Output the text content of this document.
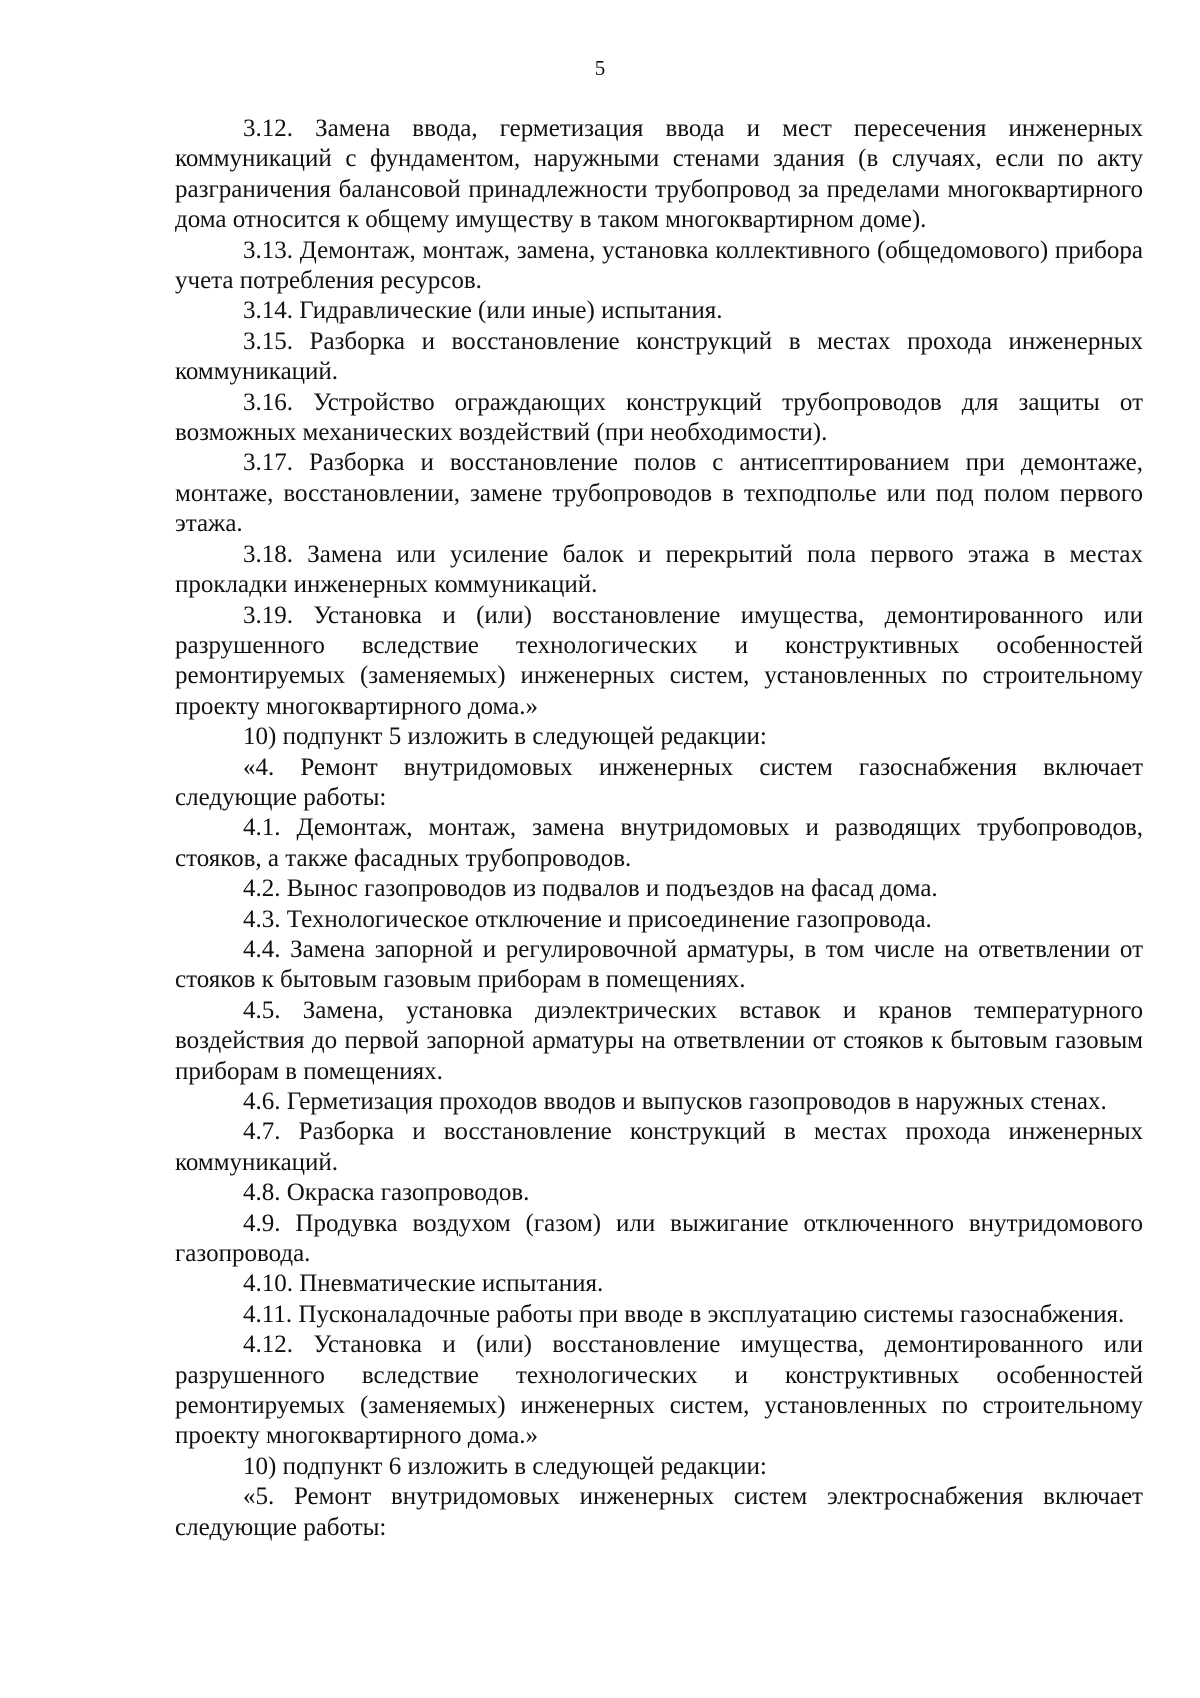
5

3.12. Замена ввода, герметизация ввода и мест пересечения инженерных коммуникаций с фундаментом, наружными стенами здания (в случаях, если по акту разграничения балансовой принадлежности трубопровод за пределами многоквартирного дома относится к общему имуществу в таком многоквартирном доме).

3.13. Демонтаж, монтаж, замена, установка коллективного (общедомового) прибора учета потребления ресурсов.

3.14. Гидравлические (или иные) испытания.

3.15. Разборка и восстановление конструкций в местах прохода инженерных коммуникаций.

3.16. Устройство ограждающих конструкций трубопроводов для защиты от возможных механических воздействий (при необходимости).

3.17. Разборка и восстановление полов с антисептированием при демонтаже, монтаже, восстановлении, замене трубопроводов в техподполье или под полом первого этажа.

3.18. Замена или усиление балок и перекрытий пола первого этажа в местах прокладки инженерных коммуникаций.

3.19. Установка и (или) восстановление имущества, демонтированного или разрушенного вследствие технологических и конструктивных особенностей ремонтируемых (заменяемых) инженерных систем, установленных по строительному проекту многоквартирного дома.»

10) подпункт 5 изложить в следующей редакции:

«4. Ремонт внутридомовых инженерных систем газоснабжения включает следующие работы:

4.1. Демонтаж, монтаж, замена внутридомовых и разводящих трубопроводов, стояков, а также фасадных трубопроводов.

4.2. Вынос газопроводов из подвалов и подъездов на фасад дома.

4.3. Технологическое отключение и присоединение газопровода.

4.4. Замена запорной и регулировочной арматуры, в том числе на ответвлении от стояков к бытовым газовым приборам в помещениях.

4.5. Замена, установка диэлектрических вставок и кранов температурного воздействия до первой запорной арматуры на ответвлении от стояков к бытовым газовым приборам в помещениях.

4.6. Герметизация проходов вводов и выпусков газопроводов в наружных стенах.

4.7. Разборка и восстановление конструкций в местах прохода инженерных коммуникаций.

4.8. Окраска газопроводов.

4.9. Продувка воздухом (газом) или выжигание отключенного внутридомового газопровода.

4.10. Пневматические испытания.

4.11. Пусконаладочные работы при вводе в эксплуатацию системы газоснабжения.

4.12. Установка и (или) восстановление имущества, демонтированного или разрушенного вследствие технологических и конструктивных особенностей ремонтируемых (заменяемых) инженерных систем, установленных по строительному проекту многоквартирного дома.»

10) подпункт 6 изложить в следующей редакции:

«5. Ремонт внутридомовых инженерных систем электроснабжения включает следующие работы:
